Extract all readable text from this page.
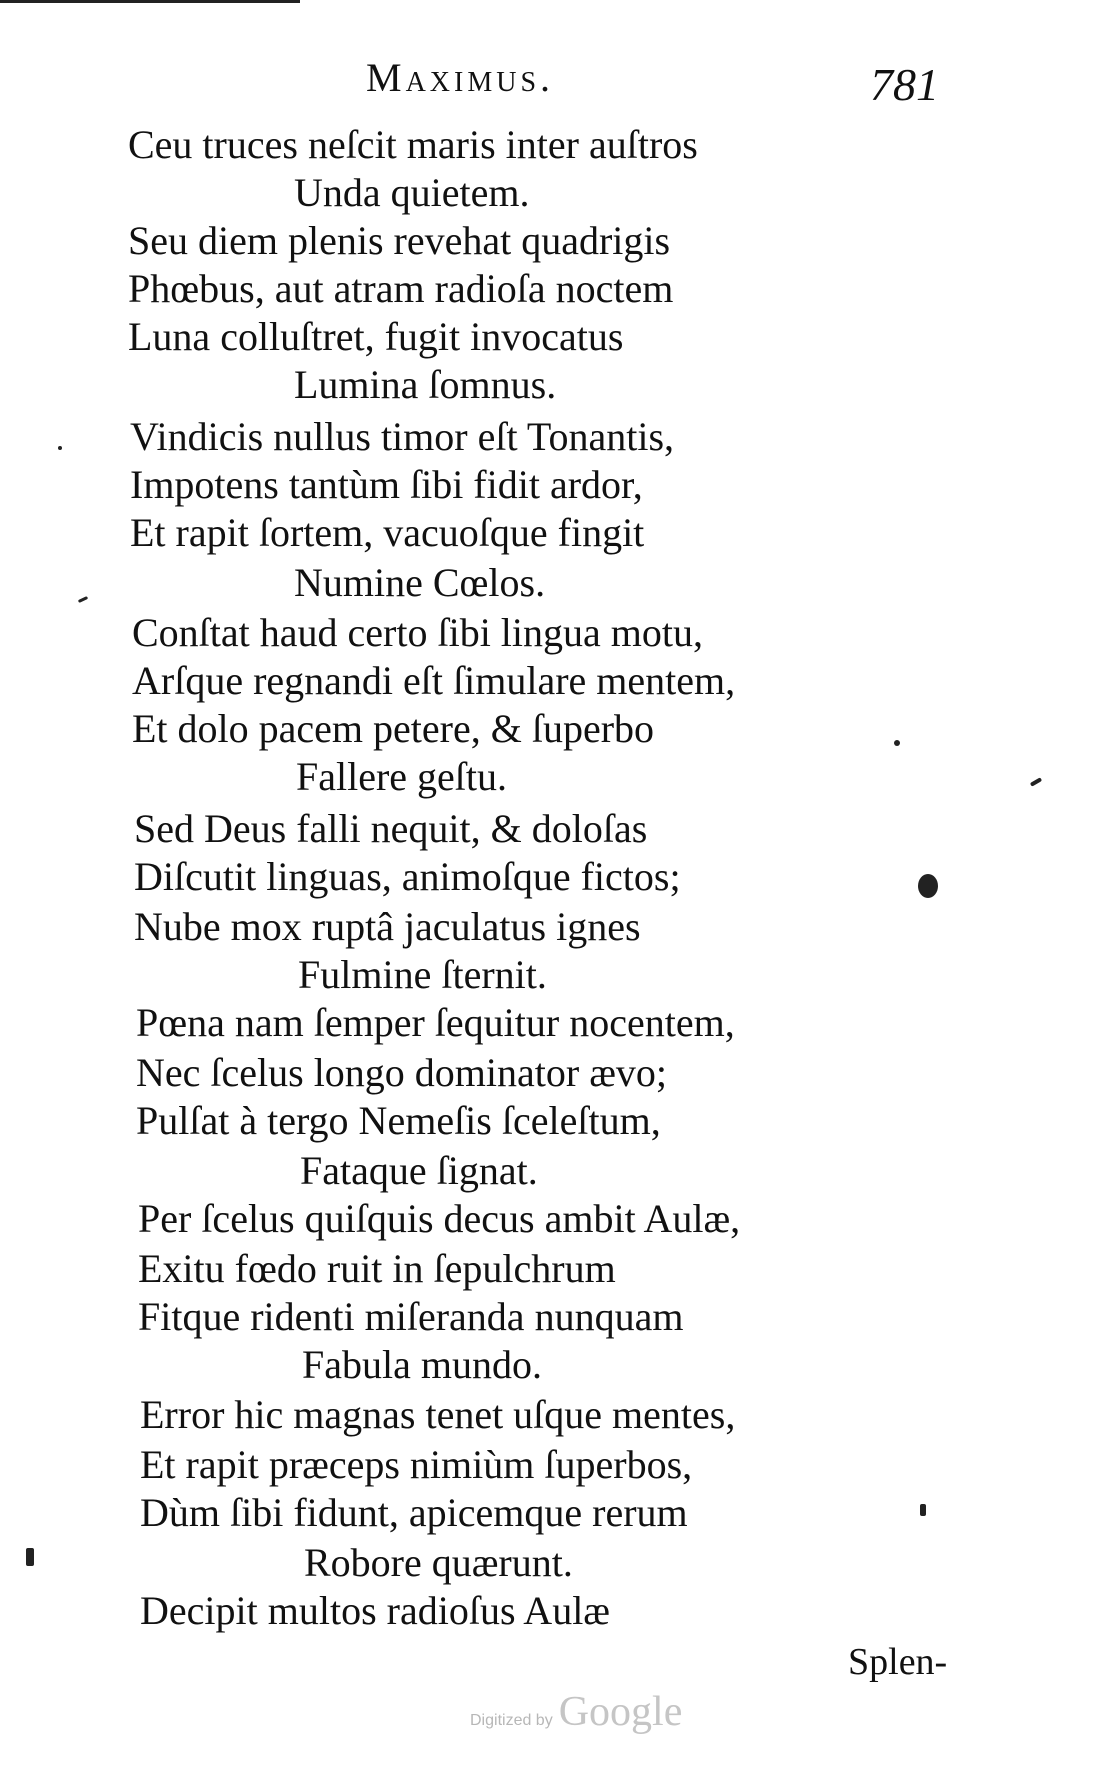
Maximus.	781
Ceu truces neſcit maris inter auſtros
Unda quietem.
Seu diem plenis revehat quadrigis
Phœbus, aut atram radioſa noctem
Luna colluſtret, fugit invocatus
Lumina ſomnus.
Vindicis nullus timor eſt Tonantis,
Impotens tantùm ſibi fidit ardor,
Et rapit ſortem, vacuoſque fingit
Numine Cœlos.
Conſtat haud certo ſibi lingua motu,
Arſque regnandi eſt ſimulare mentem,
Et dolo pacem petere, & ſuperbo
Fallere geſtu.
Sed Deus falli nequit, & doloſas
Diſcutit linguas, animoſque fictos;
Nube mox ruptâ jaculatus ignes
Fulmine ſternit.
Pœna nam ſemper ſequitur nocentem,
Nec ſcelus longo dominator ævo;
Pulſat à tergo Nemeſis ſceleſtum,
Fataque ſignat.
Per ſcelus quiſquis decus ambit Aulæ,
Exitu fœdo ruit in ſepulchrum
Fitque ridenti miſeranda nunquam
Fabula mundo.
Error hic magnas tenet uſque mentes,
Et rapit præceps nimiùm ſuperbos,
Dùm ſibi fidunt, apicemque rerum
Robore quærunt.
Decipit multos radioſus Aulæ
Splen-
Digitized by Google
